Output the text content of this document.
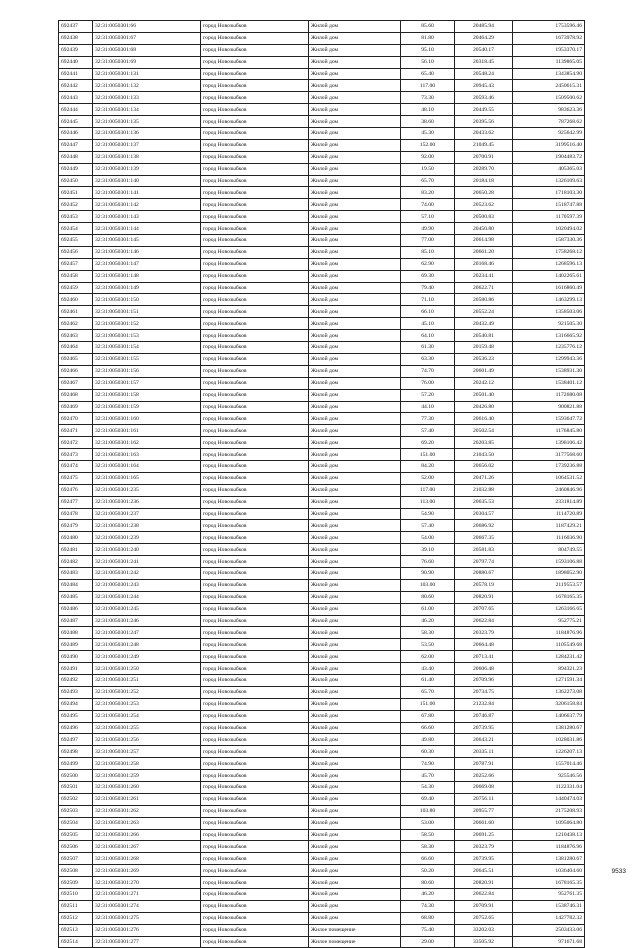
692437	32:31:0050301:66	город Новозыбков	Жилой дом	85.60	20485.94	1753596.46
692438	32:31:0050301:67	город Новозыбков	Жилой дом	81.80	20464.29	1673978.92
692439	32:31:0050301:68	город Новозыбков	Жилой дом	95.10	20540.17	1953370.17
692440	32:31:0050301:69	город Новозыбков	Жилой дом	56.10	20318.45	1139865.05
692441	32:31:0050301:131	город Новозыбков	Жилой дом	65.40	20548.24	1343854.90
692442	32:31:0050301:132	город Новозыбков	Жилой дом	117.00	20945.43	2450615.31
692443	32:31:0050301:133	город Новозыбков	Жилой дом	73.30	20593.46	1509500.62
692444	32:31:0050301:134	город Новозыбков	Жилой дом	48.10	20449.55	983623.36
692445	32:31:0050301:135	город Новозыбков	Жилой дом	38.60	20395.56	787268.62
692446	32:31:0050301:136	город Новозыбков	Жилой дом	45.30	20433.62	925642.99
692447	32:31:0050301:137	город Новозыбков	Жилой дом	152.00	21049.45	3199516.40
692448	32:31:0050301:138	город Новозыбков	Жилой дом	92.00	20700.91	1904483.72
692449	32:31:0050301:139	город Новозыбков	Жилой дом	19.50	20289.70	405365.03
692450	32:31:0050301:140	город Новозыбков	Жилой дом	65.70	20184.18	1326109.63
692451	32:31:0050301:141	город Новозыбков	Жилой дом	83.20	20650.28	1718103.30
692452	32:31:0050301:142	город Новозыбков	Жилой дом	74.00	20523.62	1518747.88
692453	32:31:0050301:143	город Новозыбков	Жилой дом	57.10	20500.83	1170597.39
692454	32:31:0050301:144	город Новозыбков	Жилой дом	49.90	20450.80	1020494.02
692455	32:31:0050301:145	город Новозыбков	Жилой дом	77.00	20614.98	1587330.36
692456	32:31:0050301:146	город Новозыбков	Жилой дом	85.10	20661.20	1758268.12
692457	32:31:0050301:147	город Новозыбков	Жилой дом	62.90	20168.46	1268596.13
692458	32:31:0050301:148	город Новозыбков	Жилой дом	69.30	20234.41	1402265.61
692459	32:31:0050301:149	город Новозыбков	Жилой дом	79.40	20622.71	1616860.49
692460	32:31:0050301:150	город Новозыбков	Жилой дом	71.10	20580.86	1463299.13
692461	32:31:0050301:151	город Новозыбков	Жилой дом	66.10	20552.24	1358503.06
692462	32:31:0050301:152	город Новозыбков	Жилой дом	45.10	20432.49	921505.30
692463	32:31:0050301:153	город Новозыбков	Жилой дом	64.10	20540.81	1316665.92
692464	32:31:0050301:154	город Новозыбков	Жилой дом	61.30	20159.48	1235776.12
692465	32:31:0050301:155	город Новозыбков	Жилой дом	63.30	20536.23	1299943.36
692466	32:31:0050301:156	город Новозыбков	Жилой дом	74.70	20601.49	1538931.30
692467	32:31:0050301:157	город Новозыбков	Жилой дом	76.00	20242.12	1538401.12
692468	32:31:0050301:158	город Новозыбков	Жилой дом	57.20	20501.40	1172680.08
692469	32:31:0050301:159	город Новозыбков	Жилой дом	44.10	20426.80	900821.88
692470	32:31:0050301:160	город Новозыбков	Жилой дом	77.30	20616.40	1593647.72
692471	32:31:0050301:161	город Новозыбков	Жилой дом	57.40	20502.54	1176845.80
692472	32:31:0050301:162	город Новозыбков	Жилой дом	69.20	20203.85	1398106.42
692473	32:31:0050301:163	город Новозыбков	Жилой дом	151.00	21043.50	3177568.60
692474	32:31:0050301:164	город Новозыбков	Жилой дом	84.20	20656.02	1739236.88
692475	32:31:0050301:165	город Новозыбков	Жилой дом	52.00	20471.26	1064531.52
692476	32:31:0050301:235	город Новозыбков	Жилой дом	117.00	21032.88	2460846.96
692477	32:31:0050301:236	город Новозыбков	Жилой дом	113.00	20635.53	2331814.89
692478	32:31:0050301:237	город Новозыбков	Жилой дом	54.90	20304.57	1114720.89
692479	32:31:0050301:238	город Новозыбков	Жилой дом	57.40	20686.92	1187429.21
692480	32:31:0050301:239	город Новозыбков	Жилой дом	54.00	20667.35	1116036.90
692481	32:31:0050301:240	город Новозыбков	Жилой дом	39.10	20581.83	804749.55
692482	32:31:0050301:241	город Новозыбков	Жилой дом	76.60	20797.74	1593106.88
692483	32:31:0050301:242	город Новозыбков	Жилой дом	90.90	20880.67	1898052.90
692484	32:31:0050301:243	город Новозыбков	Жилой дом	103.00	20578.19	2119553.57
692485	32:31:0050301:244	город Новозыбков	Жилой дом	80.60	20820.91	1678165.35
692486	32:31:0050301:245	город Новозыбков	Жилой дом	61.00	20707.65	1263166.65
692487	32:31:0050301:246	город Новозыбков	Жилой дом	46.20	20622.84	952775.21
692488	32:31:0050301:247	город Новозыбков	Жилой дом	58.30	20323.79	1184876.96
692489	32:31:0050301:248	город Новозыбков	Жилой дом	53.50	20664.48	1105549.68
692490	32:31:0050301:249	город Новозыбков	Жилой дом	62.00	20713.41	1284231.42
692491	32:31:0050301:250	город Новозыбков	Жилой дом	43.40	20606.48	894321.23
692492	32:31:0050301:251	город Новозыбков	Жилой дом	61.40	20709.96	1271591.34
692493	32:31:0050301:252	город Новозыбков	Жилой дом	65.70	20734.75	1362273.08
692494	32:31:0050301:253	город Новозыбков	Жилой дом	151.00	21232.84	3206158.84
692495	32:31:0050301:254	город Новозыбков	Жилой дом	67.80	20746.87	1406637.79
692496	32:31:0050301:255	город Новозыбков	Жилой дом	66.60	20739.95	1381280.67
692497	32:31:0050301:256	город Новозыбков	Жилой дом	49.80	20643.21	1028031.86
692498	32:31:0050301:257	город Новозыбков	Жилой дом	60.30	20335.11	1226207.13
692499	32:31:0050301:258	город Новозыбков	Жилой дом	74.90	20787.91	1557014.46
692500	32:31:0050301:259	город Новозыбков	Жилой дом	45.70	20252.66	925546.56
692501	32:31:0050301:260	город Новозыбков	Жилой дом	54.30	20669.08	1122331.04
692502	32:31:0050301:261	город Новозыбков	Жилой дом	69.40	20756.11	1440474.03
692503	32:31:0050301:262	город Новозыбков	Жилой дом	103.80	20955.77	2175208.93
692504	32:31:0050301:263	город Новозыбков	Жилой дом	53.00	20661.60	1095064.80
692505	32:31:0050301:266	город Новозыбков	Жилой дом	58.50	20691.25	1210438.13
692506	32:31:0050301:267	город Новозыбков	Жилой дом	58.30	20323.79	1184876.96
692507	32:31:0050301:268	город Новозыбков	Жилой дом	66.60	20739.95	1381280.67
692508	32:31:0050301:269	город Новозыбков	Жилой дом	50.20	20645.51	1036404.60
692509	32:31:0050301:270	город Новозыбков	Жилой дом	80.60	20820.91	1678165.35
692510	32:31:0050301:271	город Новозыбков	Жилой дом	46.20	20622.84	952761.35
692511	32:31:0050301:274	город Новозыбков	Жилой дом	74.30	20709.91	1538746.31
692512	32:31:0050301:275	город Новозыбков	Жилой дом	68.80	20752.65	1427782.32
692513	32:31:0050301:276	город Новозыбков	Жилое помещение	75.40	33202.03	2503433.06
692514	32:31:0050301:277	город Новозыбков	Жилое помещение	29.00	33505.92	971671.68
9533
